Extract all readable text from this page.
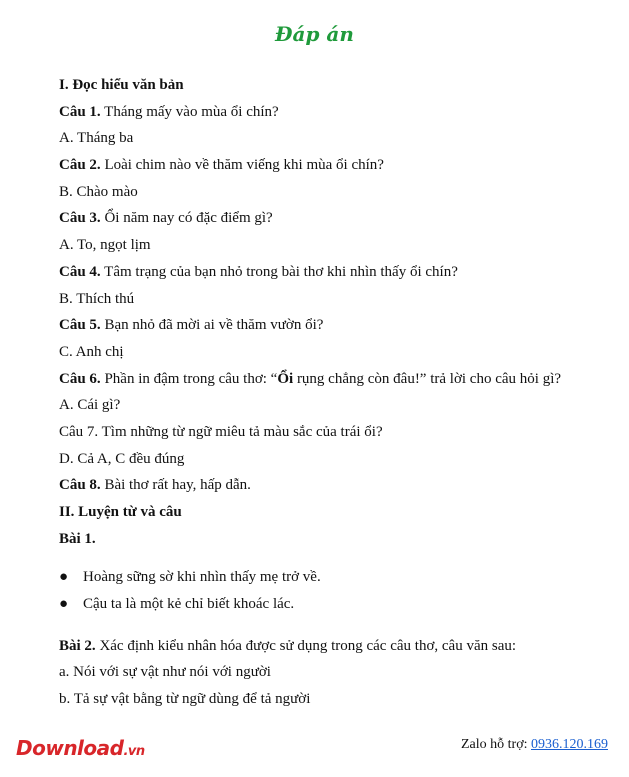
Đáp án
I. Đọc hiểu văn bản
Câu 1. Tháng mấy vào mùa ổi chín?
A. Tháng ba
Câu 2. Loài chim nào về thăm viếng khi mùa ổi chín?
B. Chào mào
Câu 3. Ổi năm nay có đặc điểm gì?
A. To, ngọt lịm
Câu 4. Tâm trạng của bạn nhỏ trong bài thơ khi nhìn thấy ổi chín?
B. Thích thú
Câu 5. Bạn nhỏ đã mời ai về thăm vườn ổi?
C. Anh chị
Câu 6. Phần in đậm trong câu thơ: “Ổi rụng chẳng còn đâu!” trả lời cho câu hỏi gì?
A. Cái gì?
Câu 7. Tìm những từ ngữ miêu tả màu sắc của trái ổi?
D. Cả A, C đều đúng
Câu 8. Bài thơ rất hay, hấp dẫn.
II. Luyện từ và câu
Bài 1.
● Hoàng sững sờ khi nhìn thấy mẹ trở về.
● Cậu ta là một kẻ chỉ biết khoác lác.
Bài 2. Xác định kiểu nhân hóa được sử dụng trong các câu thơ, câu văn sau:
a. Nói với sự vật như nói với người
b. Tả sự vật bằng từ ngữ dùng để tả người
Download.vn	Zalo hỗ trợ: 0936.120.169
